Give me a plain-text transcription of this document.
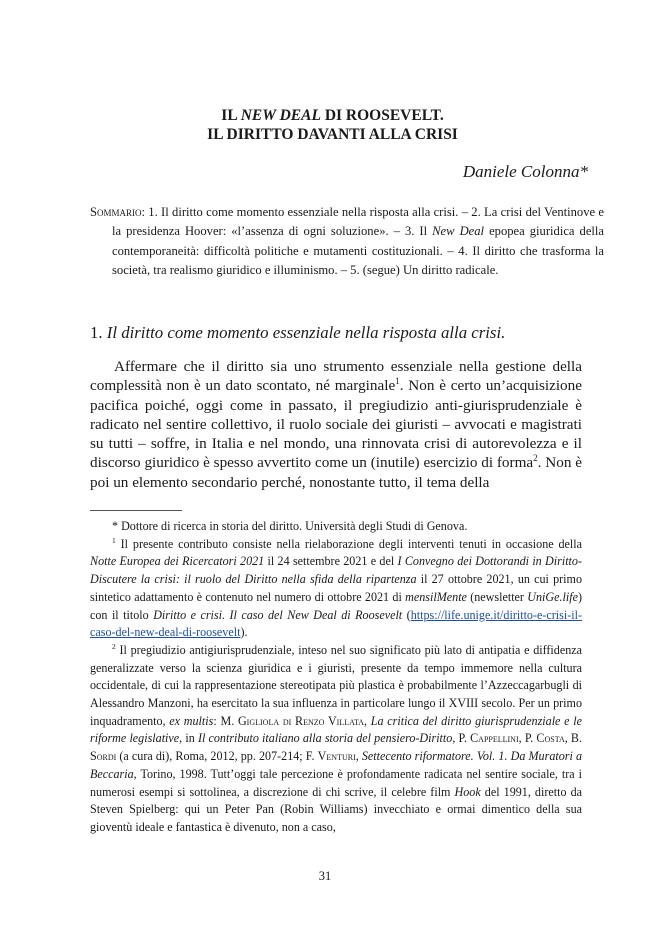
IL NEW DEAL DI ROOSEVELT.
IL DIRITTO DAVANTI ALLA CRISI
Daniele Colonna*
Sommario: 1. Il diritto come momento essenziale nella risposta alla crisi. – 2. La crisi del Ventinove e la presidenza Hoover: «l’assenza di ogni soluzione». – 3. Il New Deal epopea giuridica della contemporaneità: difficoltà politiche e mutamenti costituzionali. – 4. Il diritto che trasforma la società, tra realismo giuridico e illuminismo. – 5. (segue) Un diritto radicale.
1. Il diritto come momento essenziale nella risposta alla crisi.
Affermare che il diritto sia uno strumento essenziale nella gestione della complessità non è un dato scontato, né marginale$^1$. Non è certo un’acquisizione pacifica poiché, oggi come in passato, il pregiudizio anti-giurisprudenziale è radicato nel sentire collettivo, il ruolo sociale dei giuristi – avvocati e magistrati su tutti – soffre, in Italia e nel mondo, una rinnovata crisi di autorevolezza e il discorso giuridico è spesso avvertito come un (inutile) esercizio di forma$^2$. Non è poi un elemento secondario perché, nonostante tutto, il tema della

* Dottore di ricerca in storia del diritto. Università degli Studi di Genova.

$^1$ Il presente contributo consiste nella rielaborazione degli interventi tenuti in occasione della Notte Europea dei Ricercatori 2021 il 24 settembre 2021 e del I Convegno dei Dottorandi in Diritto-Discutere la crisi: il ruolo del Diritto nella sfida della ripartenza il 27 ottobre 2021, un cui primo sintetico adattamento è contenuto nel numero di ottobre 2021 di mensilMente (newsletter UniGe.life) con il titolo Diritto e crisi. Il caso del New Deal di Roosevelt (https://life.unige.it/diritto-e-crisi-il-caso-del-new-deal-di-roosevelt).

$^2$ Il pregiudizio antigiurisprudenziale, inteso nel suo significato più lato di antipatia e diffidenza generalizzate verso la scienza giuridica e i giuristi, presente da tempo immemore nella cultura occidentale, di cui la rappresentazione stereotipata più plastica è probabilmente l’Azzeccagarbugli di Alessandro Manzoni, ha esercitato la sua influenza in particolare lungo il XVIII secolo. Per un primo inquadramento, ex multis: M. Gigliola di Renzo Villata, La critica del diritto giurisprudenziale e le riforme legislative, in Il contributo italiano alla storia del pensiero-Diritto, P. Cappellini, P. Costa, B. Sordi (a cura di), Roma, 2012, pp. 207-214; F. Venturi, Settecento riformatore. Vol. 1. Da Muratori a Beccaria, Torino, 1998. Tutt’oggi tale percezione è profondamente radicata nel sentire sociale, tra i numerosi esempi si sottolinea, a discrezione di chi scrive, il celebre film Hook del 1991, diretto da Steven Spielberg: qui un Peter Pan (Robin Williams) invecchiato e ormai dimentico della sua gioventù ideale e fantastica è divenuto, non a caso,

31
